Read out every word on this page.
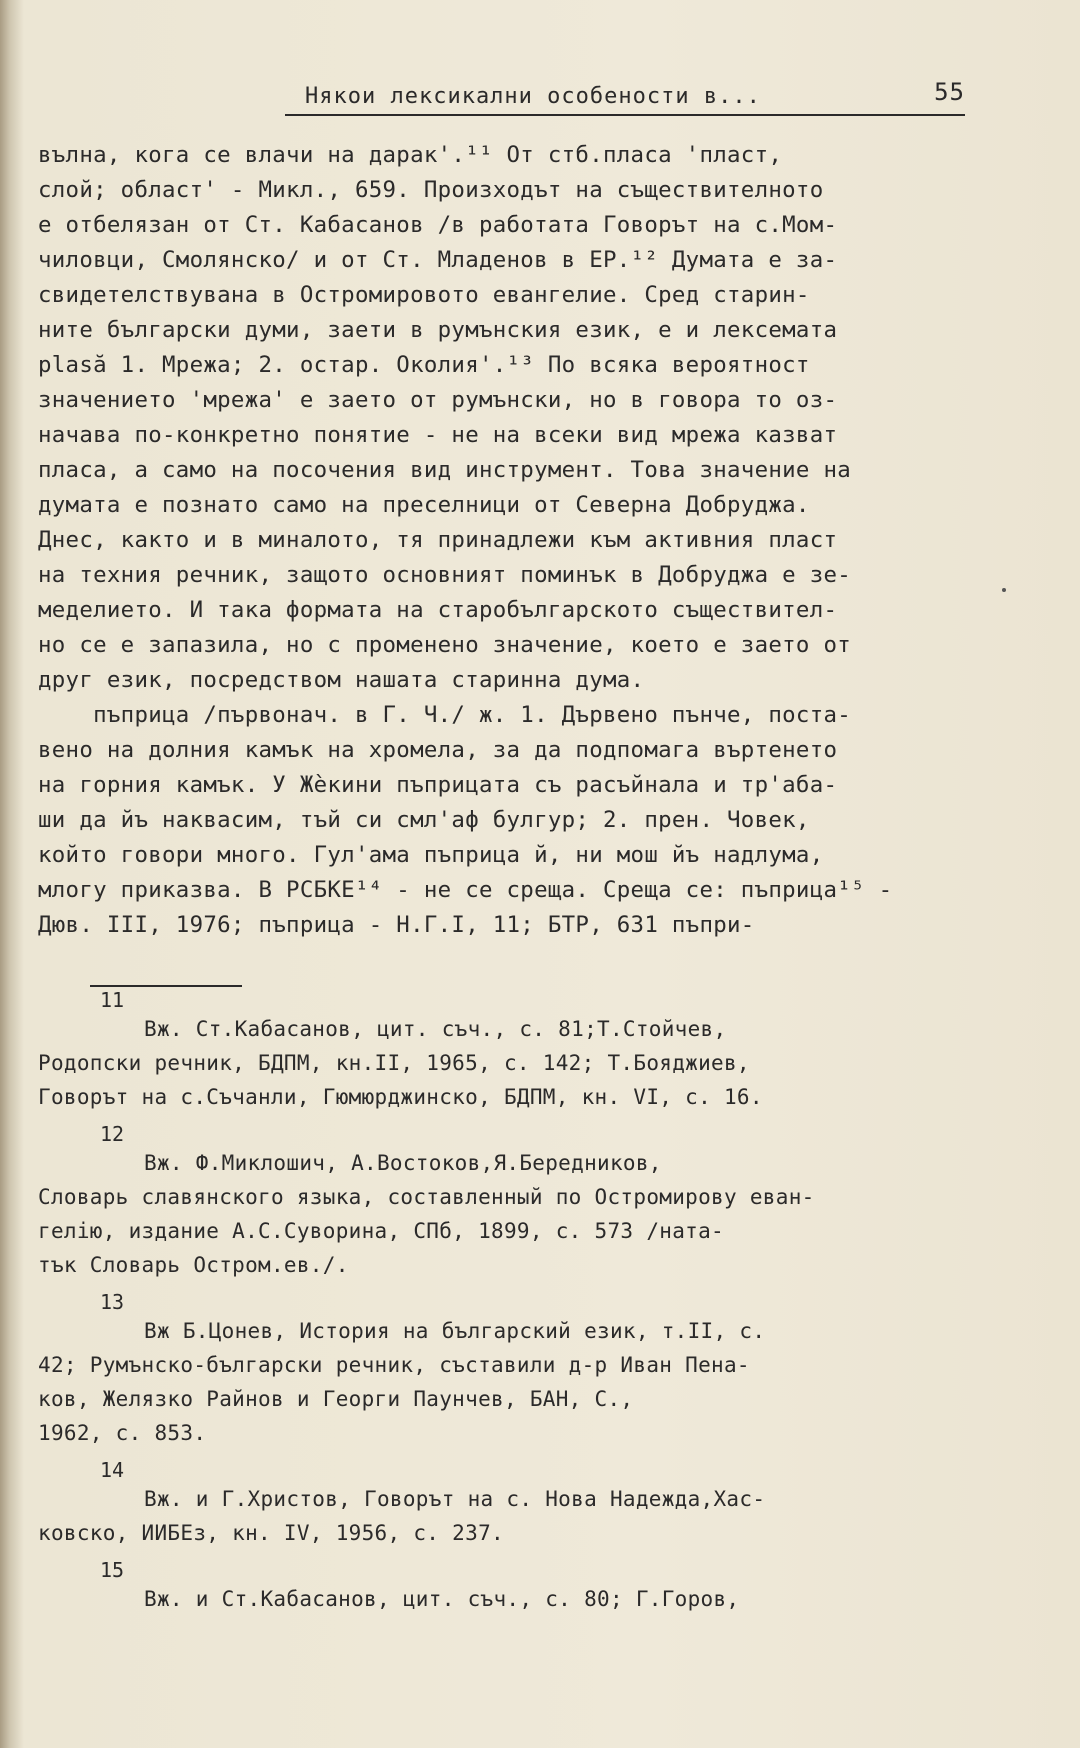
Някои лексикални особености в...	55
вълна, кога се влачи на дарак'.¹¹ От стб.плаcа 'пласт,
слой; област' - Микл., 659. Произходът на съществителното
е отбелязан от Ст. Кабасанов /в работата Говорът на с.Мом-
чиловци, Смолянско/ и от Ст. Младенов в ЕР.¹² Думата е за-
свидетелствувана в Остромировото евангелие. Сред старин-
ните български думи, заети в румънския език, е и лексемата
plasă 1. Мрежа; 2. остар. Околия'.¹³ По всяка вероятност
значението 'мрежа' е заето от румънски, но в говора то оз-
начава по-конкретно понятие - не на всеки вид мрежа казват
пласа, а само на посочения вид инструмент. Това значение на
думата е познато само на преселници от Северна Добруджа.
Днес, както и в миналото, тя принадлежи към активния пласт
на техния речник, защото основният поминък в Добруджа е зе-
меделието. И така формата на старобългарското съществител-
но се е запазила, но с променено значение, което е заето от
друг език, посредством нашата старинна дума.
пъприца /първонач. в Г. Ч./ ж. 1. Дървено пънче, поста-
вено на долния камък на хромела, за да подпомага въртенето
на горния камък. У Жѐкини пъприцата съ расъйнала и тр'аба-
ши да йъ наквасим, тъй си смл'аф булгур; 2. прен. Човек,
който говори много. Гул'ама пъприца й, ни мош йъ надлума,
млогу приказва. В РСБКЕ¹⁴ - не се среща. Среща се: пъприца¹⁵ -
Дюв. III, 1976; пъприца - Н.Г.I, 11; БТР, 631 пъпри-
11
Вж. Ст.Кабасанов, цит. съч., с. 81;Т.Стойчев,
Родопски речник, БДПМ, кн.II, 1965, с. 142; Т.Бояджиев,
Говорът на с.Съчанли, Гюмюрджинско, БДПМ, кн. VI, с. 16.
12
Вж. Ф.Миклошич, А.Востоков,Я.Бередников,
Словарь славянского языка, составленный по Остромирову еван-
гелiю, издание А.С.Суворина, СПб, 1899, с. 573 /ната-
тък Словарь Остром.ев./.
13
Вж Б.Цонев, История на българский език, т.II, с.
42; Румънско-български речник, съставили д-р Иван Пена-
ков, Желязко Райнов и Георги Паунчев, БАН, С.,
1962, с. 853.
14
Вж. и Г.Христов, Говорът на с. Нова Надежда,Хас-
ковско, ИИБЕз, кн. IV, 1956, с. 237.
15
Вж. и Ст.Кабасанов, цит. съч., с. 80; Г.Горов,
